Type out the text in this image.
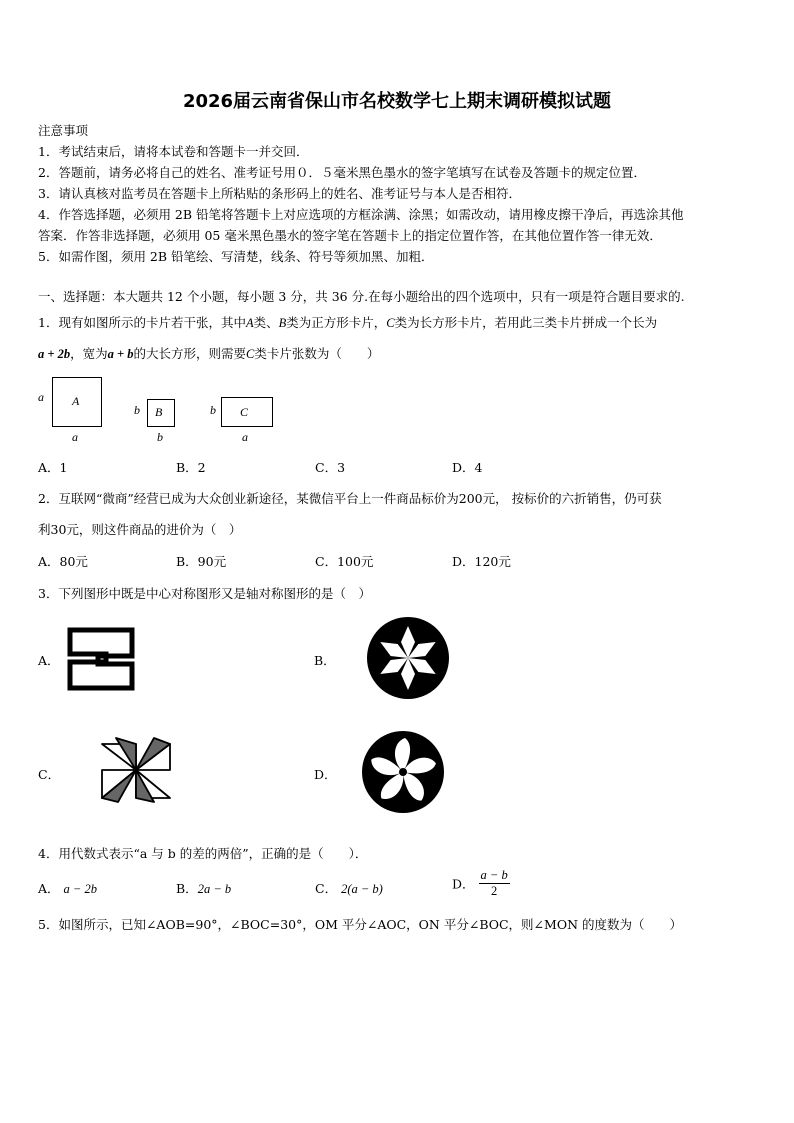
2026届云南省保山市名校数学七上期末调研模拟试题
注意事项
1．考试结束后，请将本试卷和答题卡一并交回．
2．答题前，请务必将自己的姓名、准考证号用０．５毫米黑色墨水的签字笔填写在试卷及答题卡的规定位置．
3．请认真核对监考员在答题卡上所粘贴的条形码上的姓名、准考证号与本人是否相符．
4．作答选择题，必须用 2B 铅笔将答题卡上对应选项的方框涂满、涂黑；如需改动，请用橡皮擦干净后，再选涂其他
答案．作答非选择题，必须用 05 毫米黑色墨水的签字笔在答题卡上的指定位置作答，在其他位置作答一律无效．
5．如需作图，须用 2B 铅笔绘、写清楚，线条、符号等须加黑、加粗．
一、选择题：本大题共 12 个小题，每小题 3 分，共 36 分.在每小题给出的四个选项中，只有一项是符合题目要求的.
1．现有如图所示的卡片若干张，其中A类、B类为正方形卡片，C类为长方形卡片，若用此三类卡片拼成一个长为
a + 2b，宽为a + b的大长方形，则需要C类卡片张数为（　　）
A
a
a
B
b
b
C
b
a
A．1	B．2	C．3	D．4
2．互联网“微商”经营已成为大众创业新途径，某微信平台上一件商品标价为200元， 按标价的六折销售，仍可获
利30元，则这件商品的进价为（　）
A．80元	B．90元	C．100元	D．120元
3．下列图形中既是中心对称图形又是轴对称图形的是（　）
A．	B．
C．	D．
4．用代数式表示“a 与 b 的差的两倍”，正确的是（　　）．
A． a − 2b	B．2a − b	C． 2(a − b)	D． $\frac{a - b}{2}$
5．如图所示，已知∠AOB=90°，∠BOC=30°，OM 平分∠AOC，ON 平分∠BOC，则∠MON 的度数为（　　）
